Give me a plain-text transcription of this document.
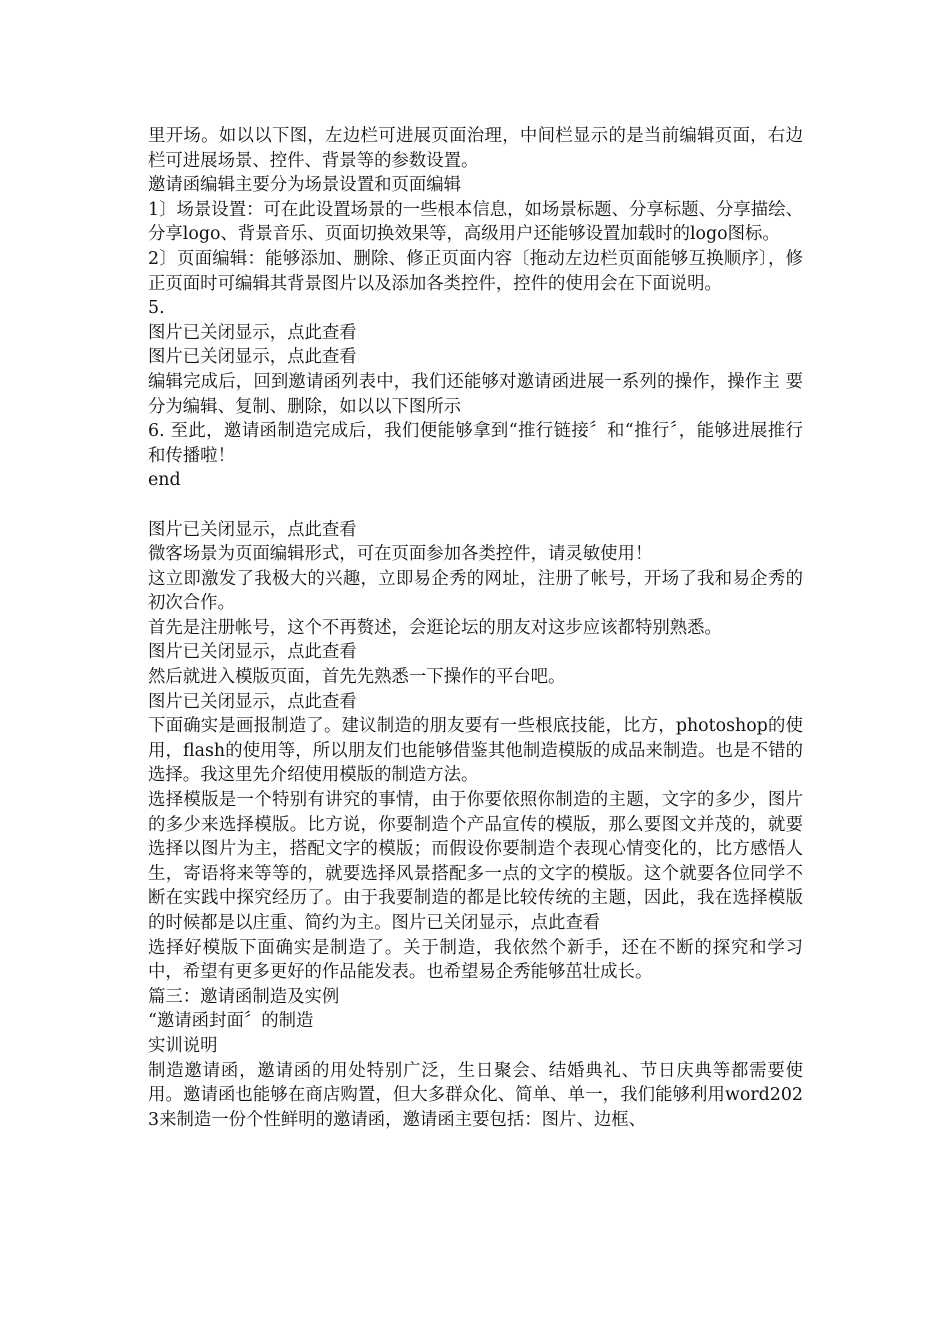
里开场。如以以下图，左边栏可进展页面治理，中间栏显示的是当前编辑页面，右边栏可进展场景、控件、背景等的参数设置。

邀请函编辑主要分为场景设置和页面编辑

1〕场景设置：可在此设置场景的一些根本信息，如场景标题、分享标题、分享描绘、分享logo、背景音乐、页面切换效果等，高级用户还能够设置加载时的logo图标。

2〕页面编辑：能够添加、删除、修正页面内容〔拖动左边栏页面能够互换顺序〕，修正页面时可编辑其背景图片以及添加各类控件，控件的使用会在下面说明。

5.

图片已关闭显示，点此查看

图片已关闭显示，点此查看

编辑完成后，回到邀请函列表中，我们还能够对邀请函进展一系列的操作，操作主 要分为编辑、复制、删除，如以以下图所示

6. 至此，邀请函制造完成后，我们便能够拿到“推行链接〞和“推行〞，能够进展推行和传播啦！

end

图片已关闭显示，点此查看

微客场景为页面编辑形式，可在页面参加各类控件，请灵敏使用！

这立即激发了我极大的兴趣，立即易企秀的网址，注册了帐号，开场了我和易企秀的初次合作。

首先是注册帐号，这个不再赘述，会逛论坛的朋友对这步应该都特别熟悉。

图片已关闭显示，点此查看

然后就进入模版页面，首先先熟悉一下操作的平台吧。

图片已关闭显示，点此查看

下面确实是画报制造了。建议制造的朋友要有一些根底技能，比方，photoshop的使用，flash的使用等，所以朋友们也能够借鉴其他制造模版的成品来制造。也是不错的选择。我这里先介绍使用模版的制造方法。

选择模版是一个特别有讲究的事情，由于你要依照你制造的主题，文字的多少，图片的多少来选择模版。比方说，你要制造个产品宣传的模版，那么要图文并茂的，就要选择以图片为主，搭配文字的模版；而假设你要制造个表现心情变化的，比方感悟人生，寄语将来等等的，就要选择风景搭配多一点的文字的模版。这个就要各位同学不断在实践中探究经历了。由于我要制造的都是比较传统的主题，因此，我在选择模版的时候都是以庄重、简约为主。图片已关闭显示，点此查看

选择好模版下面确实是制造了。关于制造，我依然个新手，还在不断的探究和学习中，希望有更多更好的作品能发表。也希望易企秀能够茁壮成长。

篇三：邀请函制造及实例

“邀请函封面〞的制造

实训说明

制造邀请函，邀请函的用处特别广泛，生日聚会、结婚典礼、节日庆典等都需要使用。邀请函也能够在商店购置，但大多群众化、简单、单一，我们能够利用word2023来制造一份个性鲜明的邀请函，邀请函主要包括：图片、边框、
